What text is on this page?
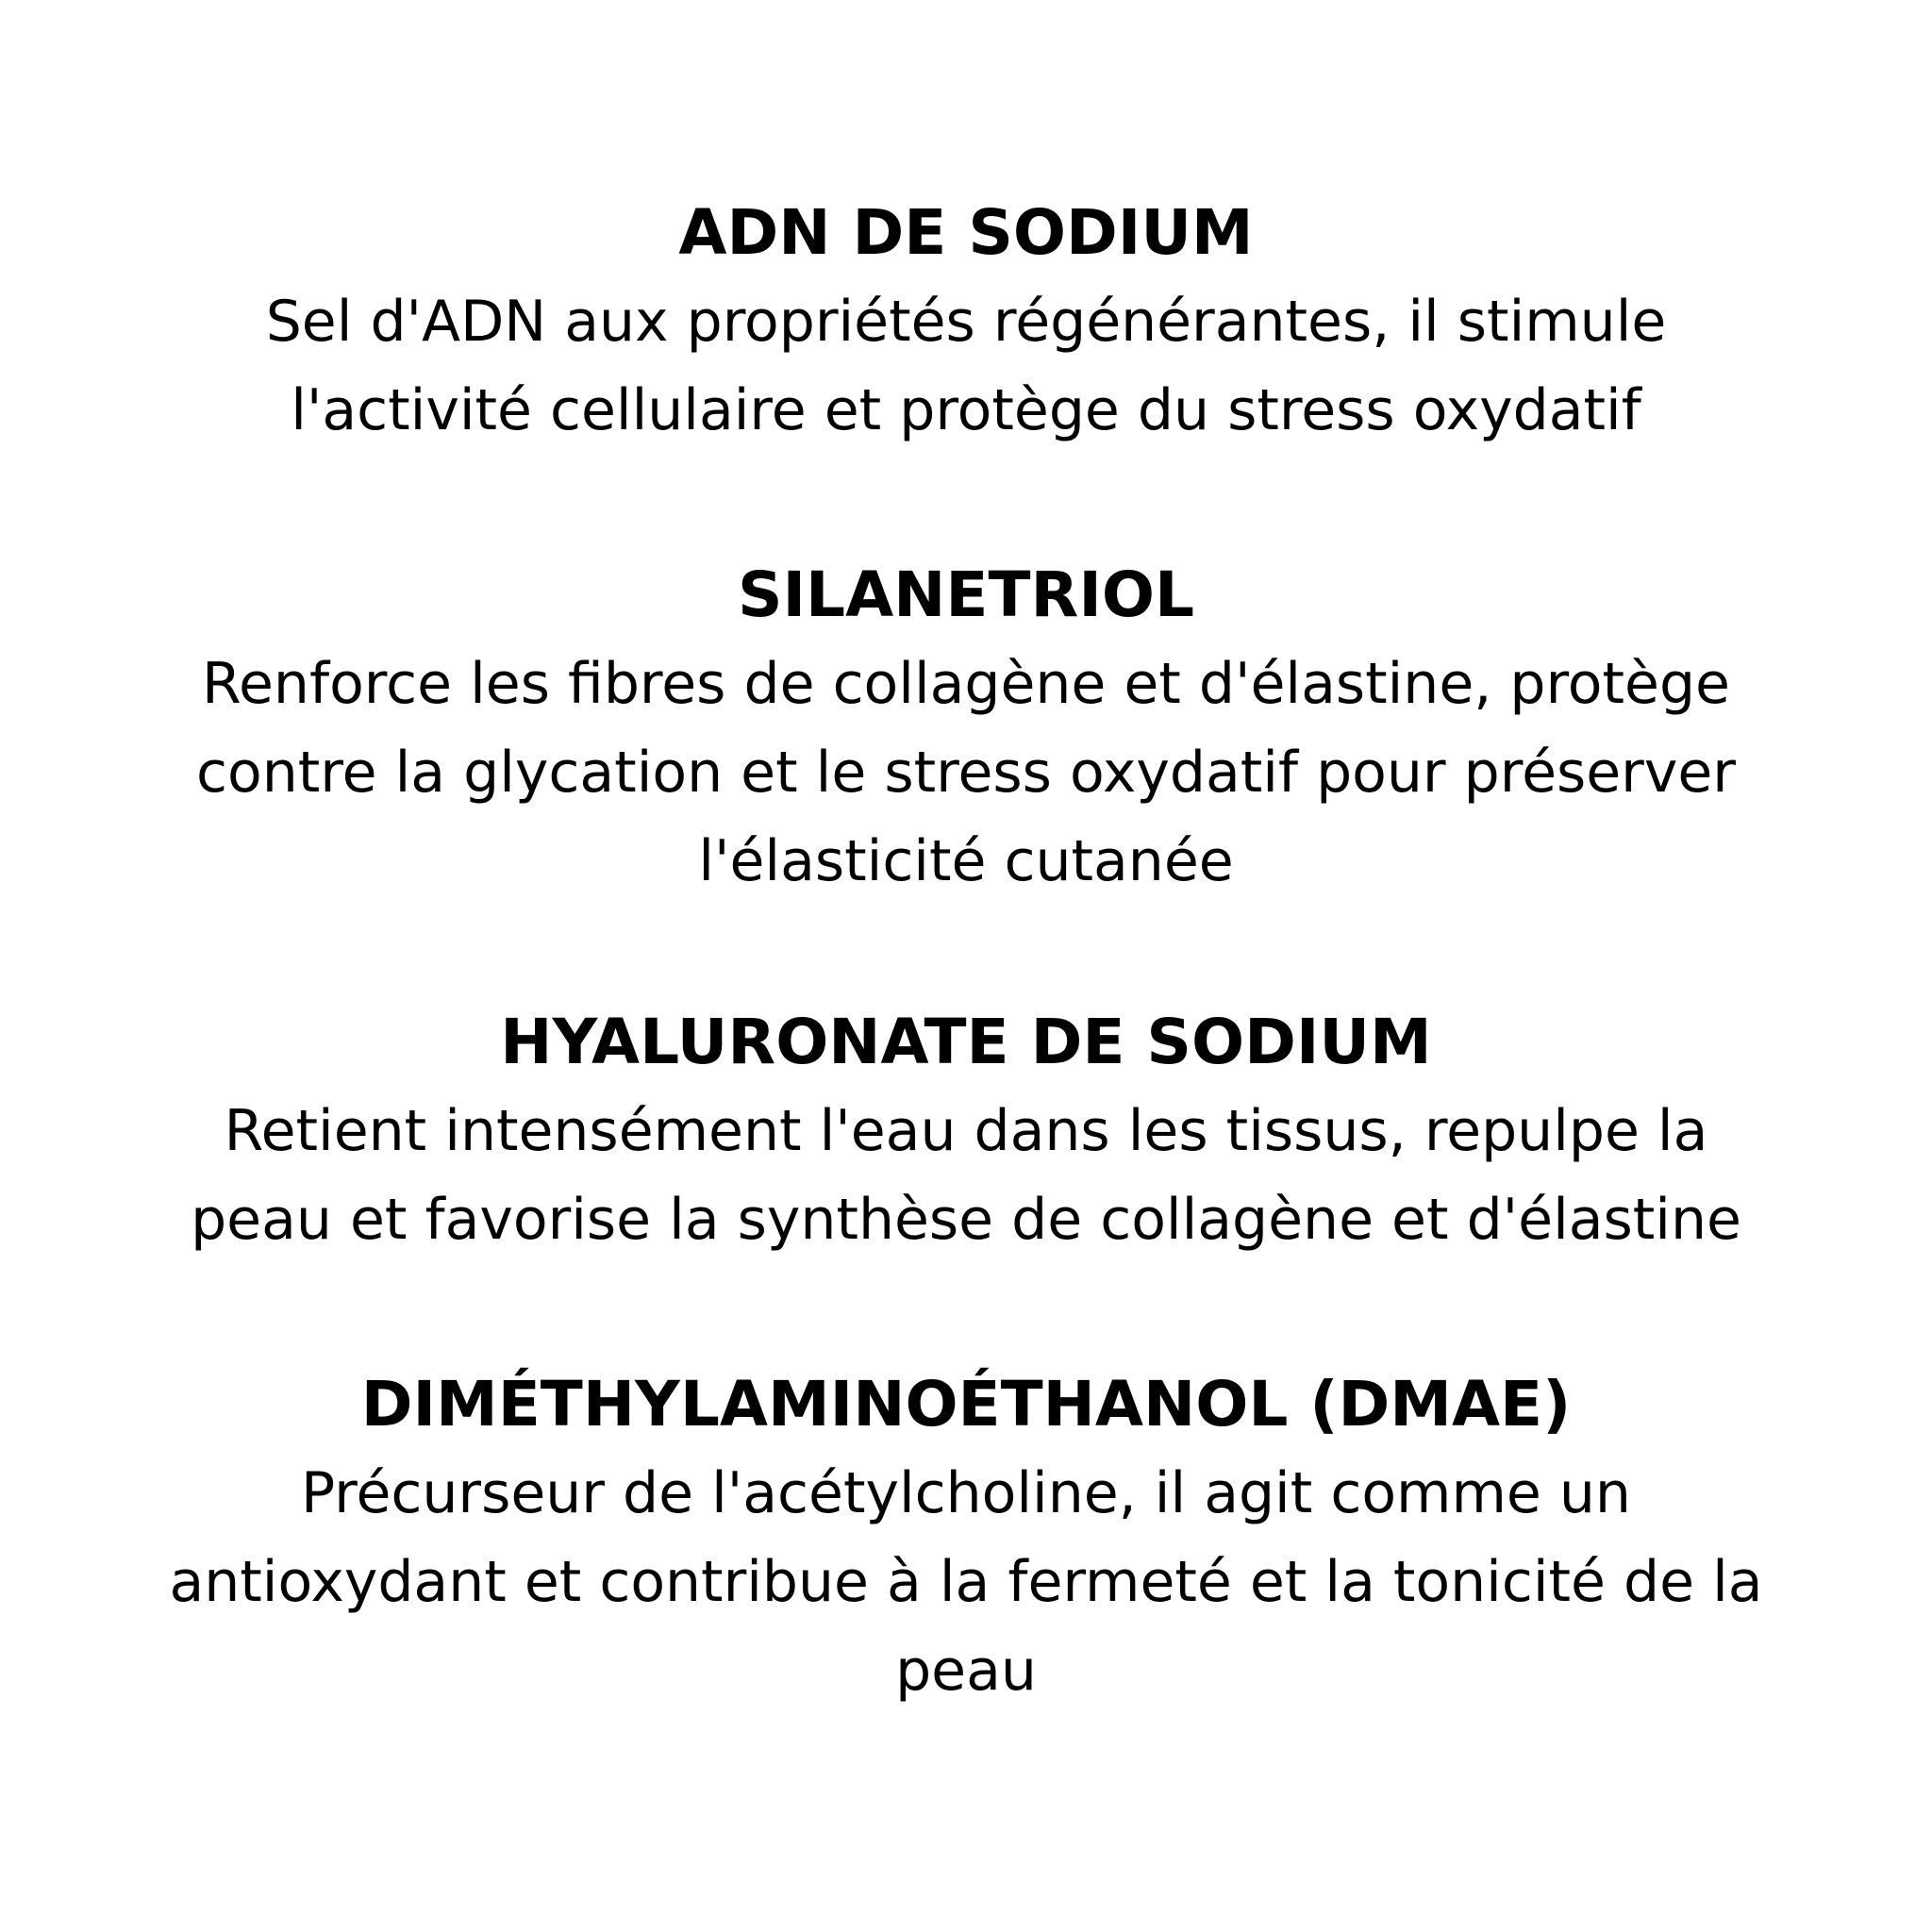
ADN DE SODIUM
Sel d'ADN aux propriétés régénérantes, il stimule
l'activité cellulaire et protège du stress oxydatif
SILANETRIOL
Renforce les fibres de collagène et d'élastine, protège
contre la glycation et le stress oxydatif pour préserver
l'élasticité cutanée
HYALURONATE DE SODIUM
Retient intensément l'eau dans les tissus, repulpe la
peau et favorise la synthèse de collagène et d'élastine
DIMÉTHYLAMINOÉTHANOL (DMAE)
Précurseur de l'acétylcholine, il agit comme un
antioxydant et contribue à la fermeté et la tonicité de la
peau
